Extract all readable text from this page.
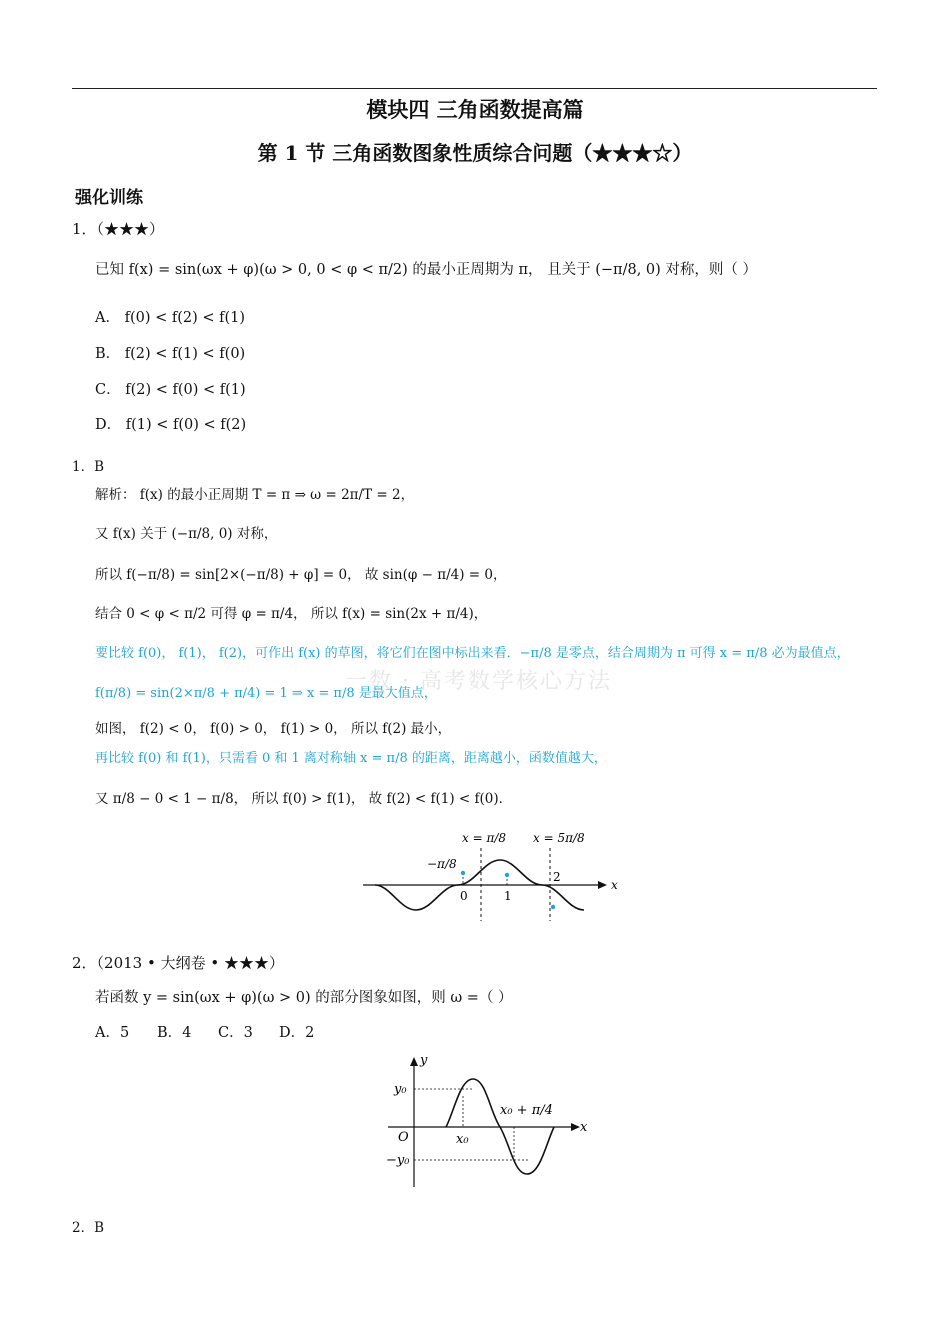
模块四 三角函数提高篇
第 1 节 三角函数图象性质综合问题（★★★☆）
强化训练
1．（★★★）
已知 f(x) = sin(ωx + φ)(ω > 0, 0 < φ < π/2) 的最小正周期为 π， 且关于 (−π/8, 0) 对称，则（ ）
A． f(0) < f(2) < f(1)
B． f(2) < f(1) < f(0)
C． f(2) < f(0) < f(1)
D． f(1) < f(0) < f(2)
1．B
解析： f(x) 的最小正周期 T = π ⇒ ω = 2π/T = 2，
又 f(x) 关于 (−π/8, 0) 对称，
所以 f(−π/8) = sin[2×(−π/8) + φ] = 0， 故 sin(φ − π/4) = 0，
结合 0 < φ < π/2 可得 φ = π/4， 所以 f(x) = sin(2x + π/4)，
要比较 f(0)， f(1)， f(2)，可作出 f(x) 的草图，将它们在图中标出来看．−π/8 是零点，结合周期为 π 可得 x = π/8 必为最值点，
一数 · 高考数学核心方法
f(π/8) = sin(2×π/8 + π/4) = 1 ⇒ x = π/8 是最大值点，
如图， f(2) < 0， f(0) > 0， f(1) > 0， 所以 f(2) 最小，
再比较 f(0) 和 f(1)，只需看 0 和 1 离对称轴 x = π/8 的距离，距离越小，函数值越大，
又 π/8 − 0 < 1 − π/8， 所以 f(0) > f(1)， 故 f(2) < f(1) < f(0)．
x = π/8 x = 5π/8
−π/8
0	1
2
x
2．（2013 • 大纲卷 • ★★★）
若函数 y = sin(ωx + φ)(ω > 0) 的部分图象如图，则 ω =（ ）
A．5 B．4 C．3 D．2
y
y₀
O	x₀
x₀ + π/4
−y₀
x
2．B
